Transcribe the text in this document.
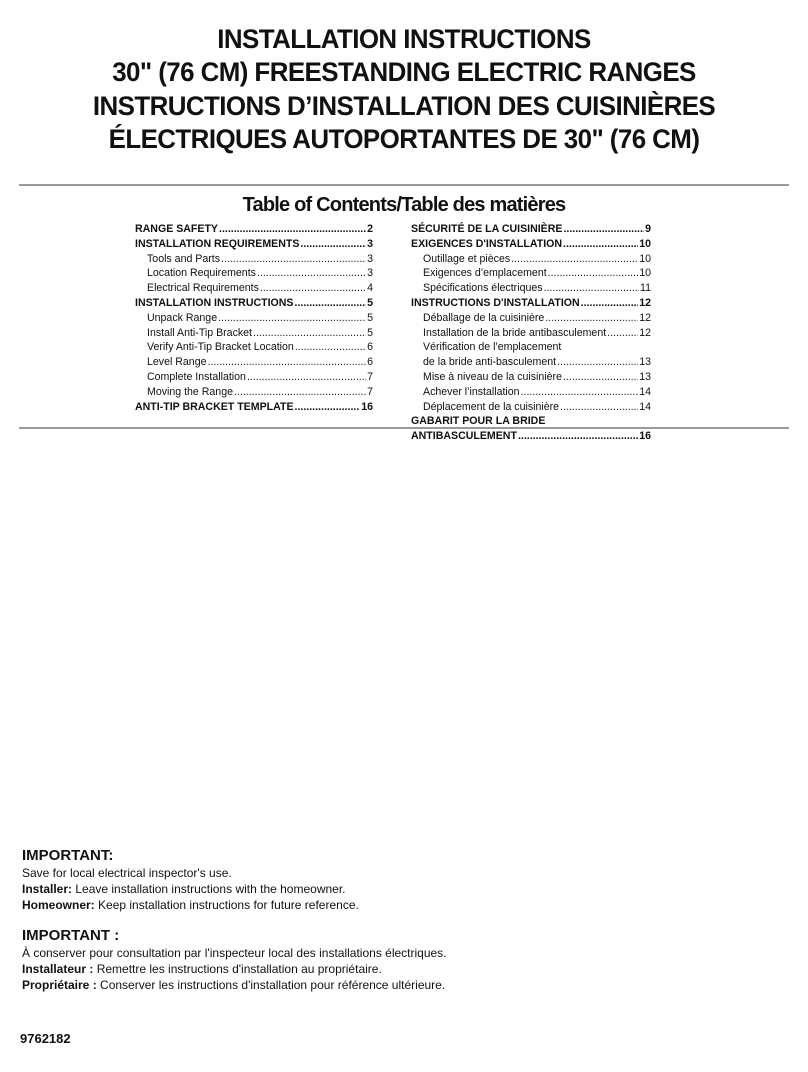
INSTALLATION INSTRUCTIONS
30" (76 CM) FREESTANDING ELECTRIC RANGES
INSTRUCTIONS D’INSTALLATION DES CUISINIÈRES
ÉLECTRIQUES AUTOPORTANTES DE 30" (76 CM)
Table of Contents/Table des matières
RANGE SAFETY .....	2
INSTALLATION REQUIREMENTS .....	3
Tools and Parts .....	3
Location Requirements .....	3
Electrical Requirements .....	4
INSTALLATION INSTRUCTIONS .....	5
Unpack Range .....	5
Install Anti-Tip Bracket .....	5
Verify Anti-Tip Bracket Location .....	6
Level Range .....	6
Complete Installation .....	7
Moving the Range .....	7
ANTI-TIP BRACKET TEMPLATE .....	16
SÉCURITÉ DE LA CUISINIÈRE .....	9
EXIGENCES D'INSTALLATION .....	10
Outillage et pièces .....	10
Exigences d’emplacement .....	10
Spécifications électriques .....	11
INSTRUCTIONS D'INSTALLATION .....	12
Déballage de la cuisinière .....	12
Installation de la bride antibasculement .....	12
Vérification de l’emplacement
de la bride anti-basculement .....	13
Mise à niveau de la cuisinière .....	13
Achever l’installation .....	14
Déplacement de la cuisinière .....	14
GABARIT POUR LA BRIDE
ANTIBASCULEMENT .....	16
IMPORTANT:
Save for local electrical inspector's use.
Installer: Leave installation instructions with the homeowner.
Homeowner: Keep installation instructions for future reference.
IMPORTANT :
À conserver pour consultation par l'inspecteur local des installations électriques.
Installateur : Remettre les instructions d'installation au propriétaire.
Propriétaire : Conserver les instructions d'installation pour référence ultérieure.
9762182
